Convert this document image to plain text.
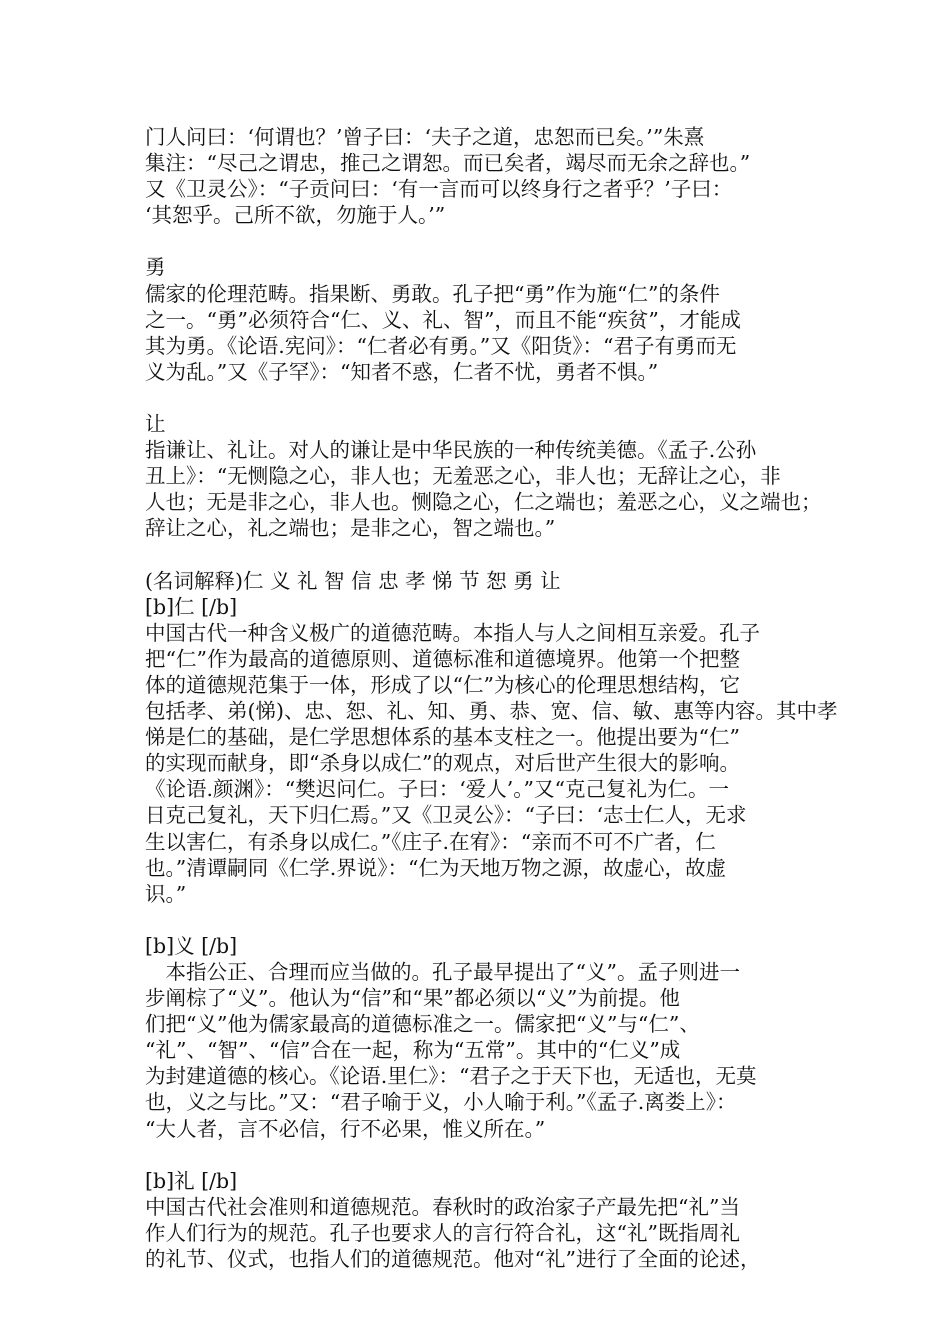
门人问曰：‘何谓也？’曾子曰：‘夫子之道，忠恕而已矣。’”朱熹
集注：“尽己之谓忠，推己之谓恕。而已矣者，竭尽而无余之辞也。”
又《卫灵公》：“子贡问曰：‘有一言而可以终身行之者乎？’子曰：
‘其恕乎。己所不欲，勿施于人。’”
勇
儒家的伦理范畴。指果断、勇敢。孔子把“勇”作为施“仁”的条件
之一。“勇”必须符合“仁、义、礼、智”，而且不能“疾贫”，才能成
其为勇。《论语.宪问》：“仁者必有勇。”又《阳货》：“君子有勇而无
义为乱。”又《子罕》：“知者不惑，仁者不忧，勇者不惧。”
让
指谦让、礼让。对人的谦让是中华民族的一种传统美德。《孟子.公孙
丑上》：“无恻隐之心，非人也；无羞恶之心，非人也；无辞让之心，非
人也；无是非之心，非人也。恻隐之心，仁之端也；羞恶之心，义之端也；
辞让之心，礼之端也；是非之心，智之端也。”
(名词解释)仁 义 礼 智 信 忠 孝 悌 节 恕 勇 让
[b]仁 [/b]
中国古代一种含义极广的道德范畴。本指人与人之间相互亲爱。孔子
把“仁”作为最高的道德原则、道德标准和道德境界。他第一个把整
体的道德规范集于一体，形成了以“仁”为核心的伦理思想结构，它
包括孝、弟(悌)、忠、恕、礼、知、勇、恭、宽、信、敏、惠等内容。其中孝
悌是仁的基础，是仁学思想体系的基本支柱之一。他提出要为“仁”
的实现而献身，即“杀身以成仁”的观点，对后世产生很大的影响。
《论语.颜渊》：“樊迟问仁。子曰：‘爱人’。”又“克己复礼为仁。一
日克己复礼，天下归仁焉。”又《卫灵公》：“子曰：‘志士仁人，无求
生以害仁，有杀身以成仁。”《庄子.在宥》：“亲而不可不广者，仁
也。”清谭嗣同《仁学.界说》：“仁为天地万物之源，故虚心，故虚
识。”
[b]义 [/b]
　本指公正、合理而应当做的。孔子最早提出了“义”。孟子则进一
步阐棕了“义”。他认为“信”和“果”都必须以“义”为前提。他
们把“义”他为儒家最高的道德标准之一。儒家把“义”与“仁”、
“礼”、“智”、“信”合在一起，称为“五常”。其中的“仁义”成
为封建道德的核心。《论语.里仁》：“君子之于天下也，无适也，无莫
也，义之与比。”又：“君子喻于义，小人喻于利。”《孟子.离娄上》：
“大人者，言不必信，行不必果，惟义所在。”
[b]礼 [/b]
中国古代社会准则和道德规范。春秋时的政治家子产最先把“礼”当
作人们行为的规范。孔子也要求人的言行符合礼，这“礼”既指周礼
的礼节、仪式，也指人们的道德规范。他对“礼”进行了全面的论述，
